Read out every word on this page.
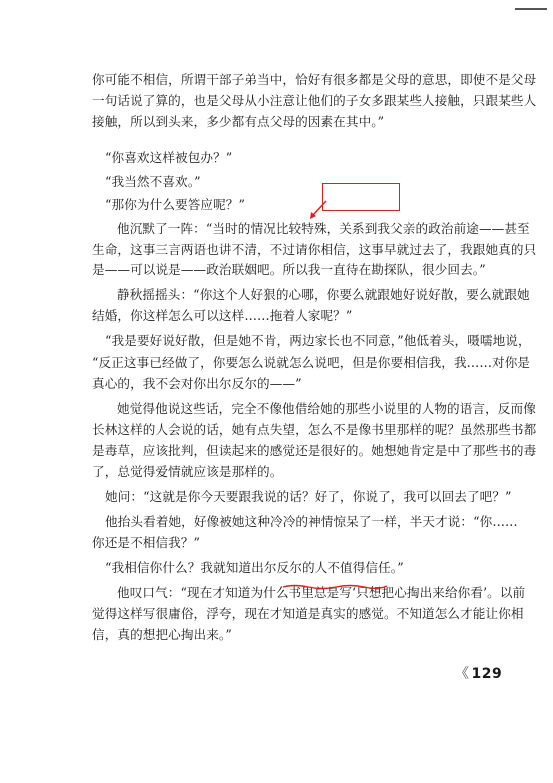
你可能不相信，所谓干部子弟当中，恰好有很多都是父母的意思，即使不是父母
一句话说了算的，也是父母从小注意让他们的子女多跟某些人接触，只跟某些人
接触，所以到头来，多少都有点父母的因素在其中。”
“你喜欢这样被包办？”
“我当然不喜欢。”
“那你为什么要答应呢？”
他沉默了一阵：“当时的情况比较特殊，关系到我父亲的政治前途——甚至
生命，这事三言两语也讲不清，不过请你相信，这事早就过去了，我跟她真的只
是——可以说是——政治联姻吧。所以我一直待在勘探队，很少回去。”
静秋摇摇头：“你这个人好狠的心哪，你要么就跟她好说好散，要么就跟她
结婚，你这样怎么可以这样……拖着人家呢？”
“我是要好说好散，但是她不肯，两边家长也不同意，”他低着头，嗫嚅地说，
“反正这事已经做了，你要怎么说就怎么说吧，但是你要相信我，我……对你是
真心的，我不会对你出尔反尔的——”
她觉得他说这些话，完全不像他借给她的那些小说里的人物的语言，反而像
长林这样的人会说的话，她有点失望，怎么不是像书里那样的呢？虽然那些书都
是毒草，应该批判，但读起来的感觉还是很好的。她想她肯定是中了那些书的毒
了，总觉得爱情就应该是那样的。
她问：“这就是你今天要跟我说的话？好了，你说了，我可以回去了吧？”
他抬头看着她，好像被她这种冷冷的神情惊呆了一样，半天才说：“你……
你还是不相信我？”
“我相信你什么？我就知道出尔反尔的人不值得信任。”
他叹口气：“现在才知道为什么书里总是写‘只想把心掏出来给你看’。以前
觉得这样写很庸俗，浮夸，现在才知道是真实的感觉。不知道怎么才能让你相
信，真的想把心掏出来。”
《 129
